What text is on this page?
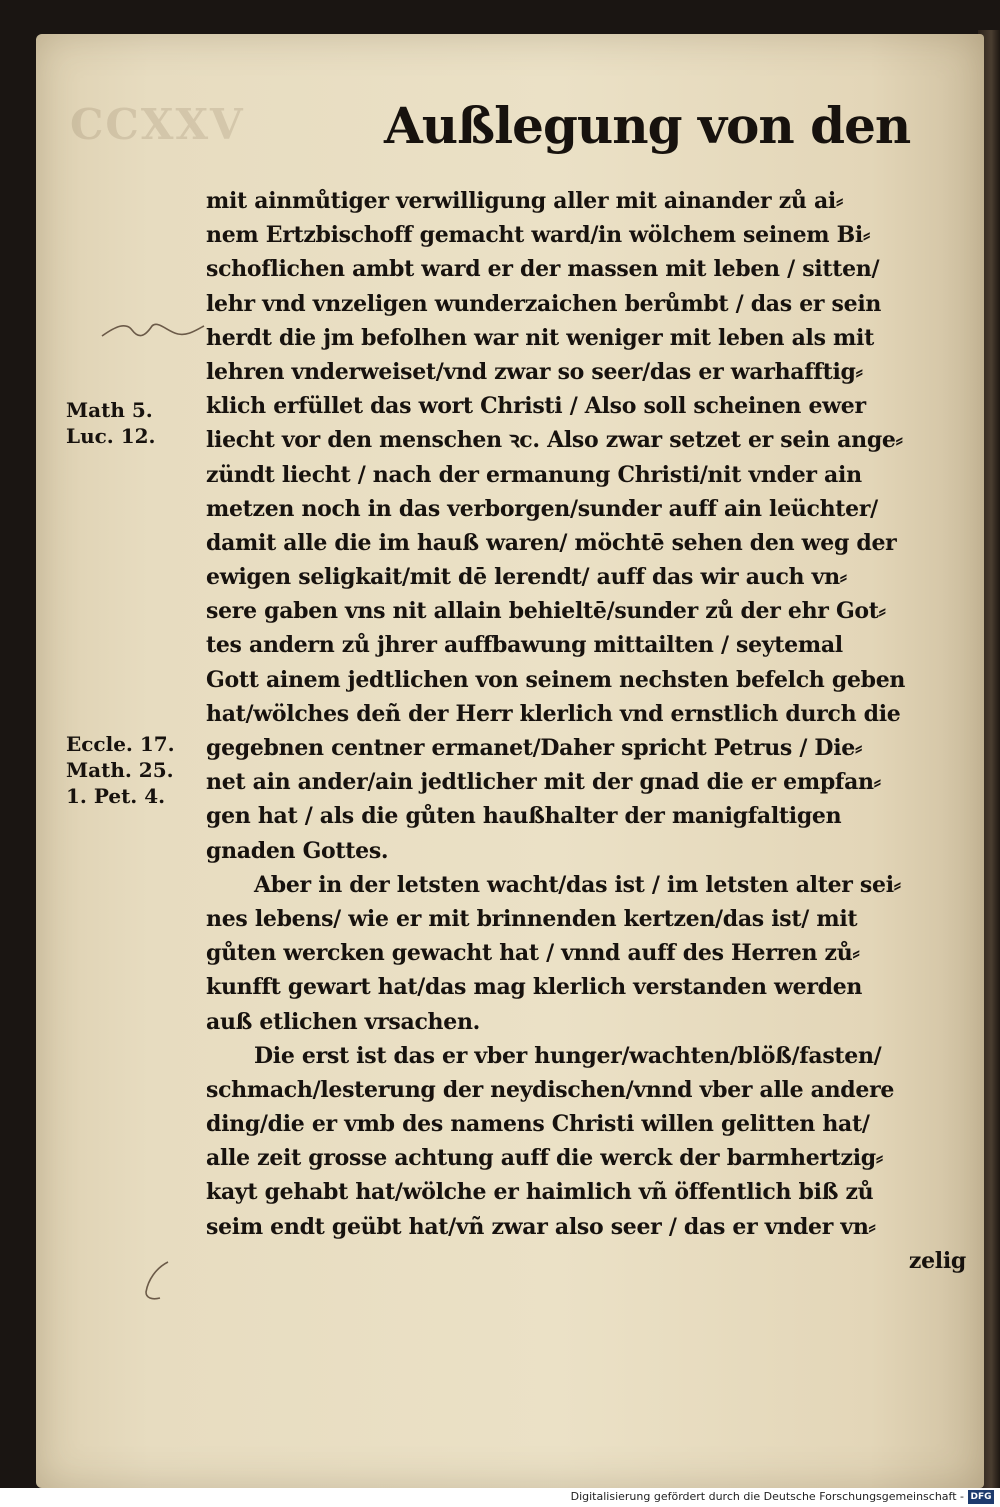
CCXXV	Außlegung von den
mit ainmůtiger verwilligung aller mit ainander zů ai⸗
nem Ertzbischoff gemacht ward/in wölchem seinem Bi⸗
schoflichen ambt ward er der massen mit leben / sitten/
lehr vnd vnzeligen wunderzaichen berůmbt / das er sein
herdt die jm befolhen war nit weniger mit leben als mit
lehren vnderweiset/vnd zwar so seer/das er warhafftig⸗
klich erfüllet das wort Christi / Also soll scheinen ewer
liecht vor den menschen ꝛc. Also zwar setzet er sein ange⸗
zündt liecht / nach der ermanung Christi/nit vnder ain
metzen noch in das verborgen/sunder auff ain leüchter/
damit alle die im hauß waren/ möchtē sehen den weg der
ewigen seligkait/mit dē lerendt/ auff das wir auch vn⸗
sere gaben vns nit allain behieltē/sunder zů der ehr Got⸗
tes andern zů jhrer auffbawung mittailten / seytemal
Gott ainem jedtlichen von seinem nechsten befelch geben
hat/wölches deñ der Herr klerlich vnd ernstlich durch die
gegebnen centner ermanet/Daher spricht Petrus / Die⸗
net ain ander/ain jedtlicher mit der gnad die er empfan⸗
gen hat / als die gůten haußhalter der manigfaltigen
gnaden Gottes.
Aber in der letsten wacht/das ist / im letsten alter sei⸗
nes lebens/ wie er mit brinnenden kertzen/das ist/ mit
gůten wercken gewacht hat / vnnd auff des Herren zů⸗
kunfft gewart hat/das mag klerlich verstanden werden
auß etlichen vrsachen.
Die erst ist das er vber hunger/wachten/blöß/fasten/
schmach/lesterung der neydischen/vnnd vber alle andere
ding/die er vmb des namens Christi willen gelitten hat/
alle zeit grosse achtung auff die werck der barmhertzig⸗
kayt gehabt hat/wölche er haimlich vñ öffentlich biß zů
seim endt geübt hat/vñ zwar also seer / das er vnder vn⸗
zelig
Math 5.
Luc. 12.
Eccle. 17.
Math. 25.
1. Pet. 4.
Digitalisierung gefördert durch die Deutsche Forschungsgemeinschaft - DFG
